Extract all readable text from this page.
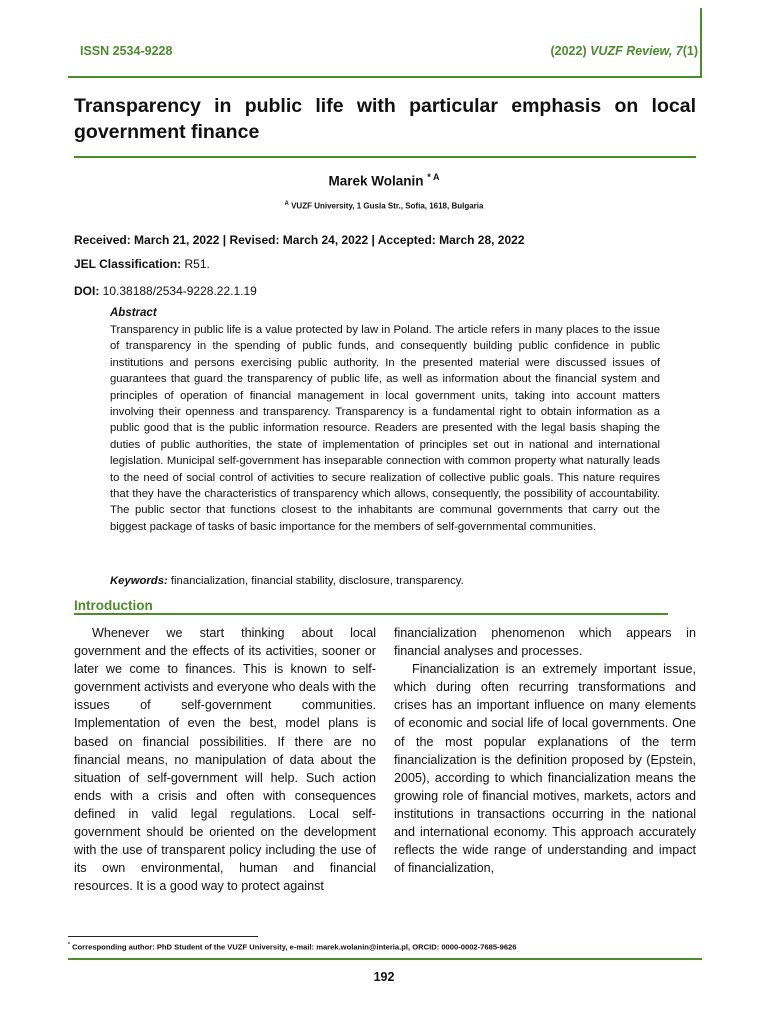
ISSN 2534-9228	(2022) VUZF Review, 7(1)
Transparency in public life with particular emphasis on local government finance
Marek Wolanin $^{* A}$
$^A$ VUZF University, 1 Gusla Str., Sofia, 1618, Bulgaria
Received: March 21, 2022 | Revised: March 24, 2022 | Accepted: March 28, 2022
JEL Classification: R51.
DOI: 10.38188/2534-9228.22.1.19
Abstract

Transparency in public life is a value protected by law in Poland. The article refers in many places to the issue of transparency in the spending of public funds, and consequently building public confidence in public institutions and persons exercising public authority. In the presented material were discussed issues of guarantees that guard the transparency of public life, as well as information about the financial system and principles of operation of financial management in local government units, taking into account matters involving their openness and transparency. Transparency is a fundamental right to obtain information as a public good that is the public information resource. Readers are presented with the legal basis shaping the duties of public authorities, the state of implementation of principles set out in national and international legislation. Municipal self-government has inseparable connection with common property what naturally leads to the need of social control of activities to secure realization of collective public goals. This nature requires that they have the characteristics of transparency which allows, consequently, the possibility of accountability. The public sector that functions closest to the inhabitants are communal governments that carry out the biggest package of tasks of basic importance for the members of self-governmental communities.

Keywords: financialization, financial stability, disclosure, transparency.
Introduction

Whenever we start thinking about local government and the effects of its activities, sooner or later we come to finances. This is known to self-government activists and everyone who deals with the issues of self-government communities. Implementation of even the best, model plans is based on financial possibilities. If there are no financial means, no manipulation of data about the situation of self-government will help. Such action ends with a crisis and often with consequences defined in valid legal regulations. Local self-government should be oriented on the development with the use of transparent policy including the use of its own environmental, human and financial resources. It is a good way to protect against

financialization phenomenon which appears in financial analyses and processes.

Financialization is an extremely important issue, which during often recurring transformations and crises has an important influence on many elements of economic and social life of local governments. One of the most popular explanations of the term financialization is the definition proposed by (Epstein, 2005), according to which financialization means the growing role of financial motives, markets, actors and institutions in transactions occurring in the national and international economy. This approach accurately reflects the wide range of understanding and impact of financialization,

* Corresponding author: PhD Student of the VUZF University, e-mail: marek.wolanin@interia.pl, ORCID: 0000-0002-7685-9626
192
